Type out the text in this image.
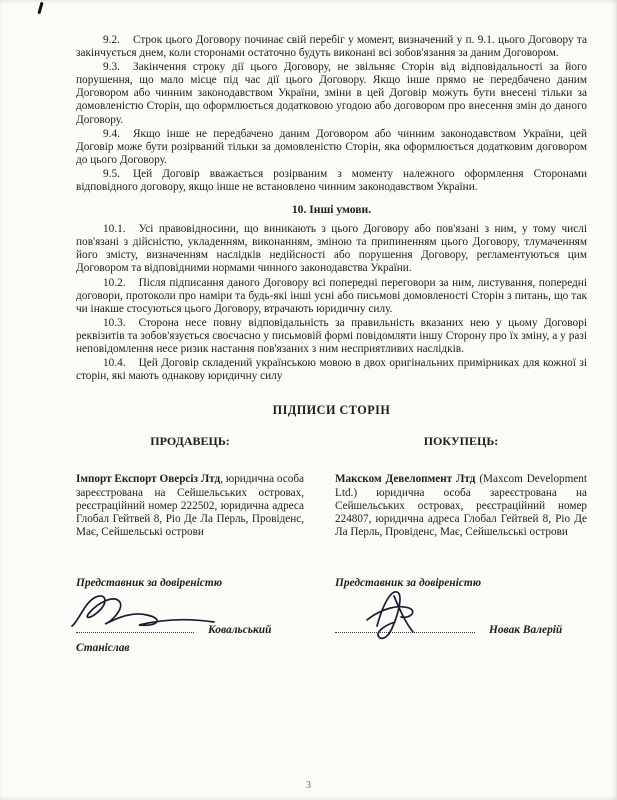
9.2. Строк цього Договору починає свій перебіг у момент, визначений у п. 9.1. цього Договору та закінчується днем, коли сторонами остаточно будуть виконані всі зобов'язання за даним Договором.

9.3. Закінчення строку дії цього Договору, не звільняє Сторін від відповідальності за його порушення, що мало місце під час дії цього Договору. Якщо інше прямо не передбачено даним Договором або чинним законодавством України, зміни в цей Договір можуть бути внесені тільки за домовленістю Сторін, що оформлюється додатковою угодою або договором про внесення змін до даного Договору.

9.4. Якщо інше не передбачено даним Договором або чинним законодавством України, цей Договір може бути розірваний тільки за домовленістю Сторін, яка оформлюється додатковим договором до цього Договору.

9.5. Цей Договір вважається розірваним з моменту належного оформлення Сторонами відповідного договору, якщо інше не встановлено чинним законодавством України.

10. Інші умови.

10.1. Усі правовідносини, що виникають з цього Договору або пов'язані з ним, у тому числі пов'язані з дійсністю, укладенням, виконанням, зміною та припиненням цього Договору, тлумаченням його змісту, визначенням наслідків недійсності або порушення Договору, регламентуються цим Договором та відповідними нормами чинного законодавства України.

10.2. Після підписання даного Договору всі попередні переговори за ним, листування, попередні договори, протоколи про наміри та будь-які інші усні або письмові домовленості Сторін з питань, що так чи інакше стосуються цього Договору, втрачають юридичну силу.

10.3. Сторона несе повну відповідальність за правильність вказаних нею у цьому Договорі реквізитів та зобов'язується своєчасно у письмовій формі повідомляти іншу Сторону про їх зміну, а у разі неповідомлення несе ризик настання пов'язаних з ним несприятливих наслідків.

10.4. Цей Договір складений українською мовою в двох оригінальних примірниках для кожної зі сторін, які мають однакову юридичну силу

ПІДПИСИ СТОРІН
ПРОДАВЕЦЬ:

Імпорт Експорт Оверсіз Лтд, юридична особа зареєстрована на Сейшельських островах, реєстраційний номер 222502, юридична адреса Глобал Гейтвей 8, Ріо Де Ла Перль, Провіденс, Має, Сейшельські острови

Представник за довіреністю
Ковальський Станіслав
ПОКУПЕЦЬ:

Макском Девелопмент Лтд (Maxcom Development Ltd.) юридична особа зареєстрована на Сейшельських островах, реєстраційний номер 224807, юридична адреса Глобал Гейтвей 8, Ріо Де Ла Перль, Провіденс, Має, Сейшельські острови

Представник за довіреністю
Новак Валерій
3
